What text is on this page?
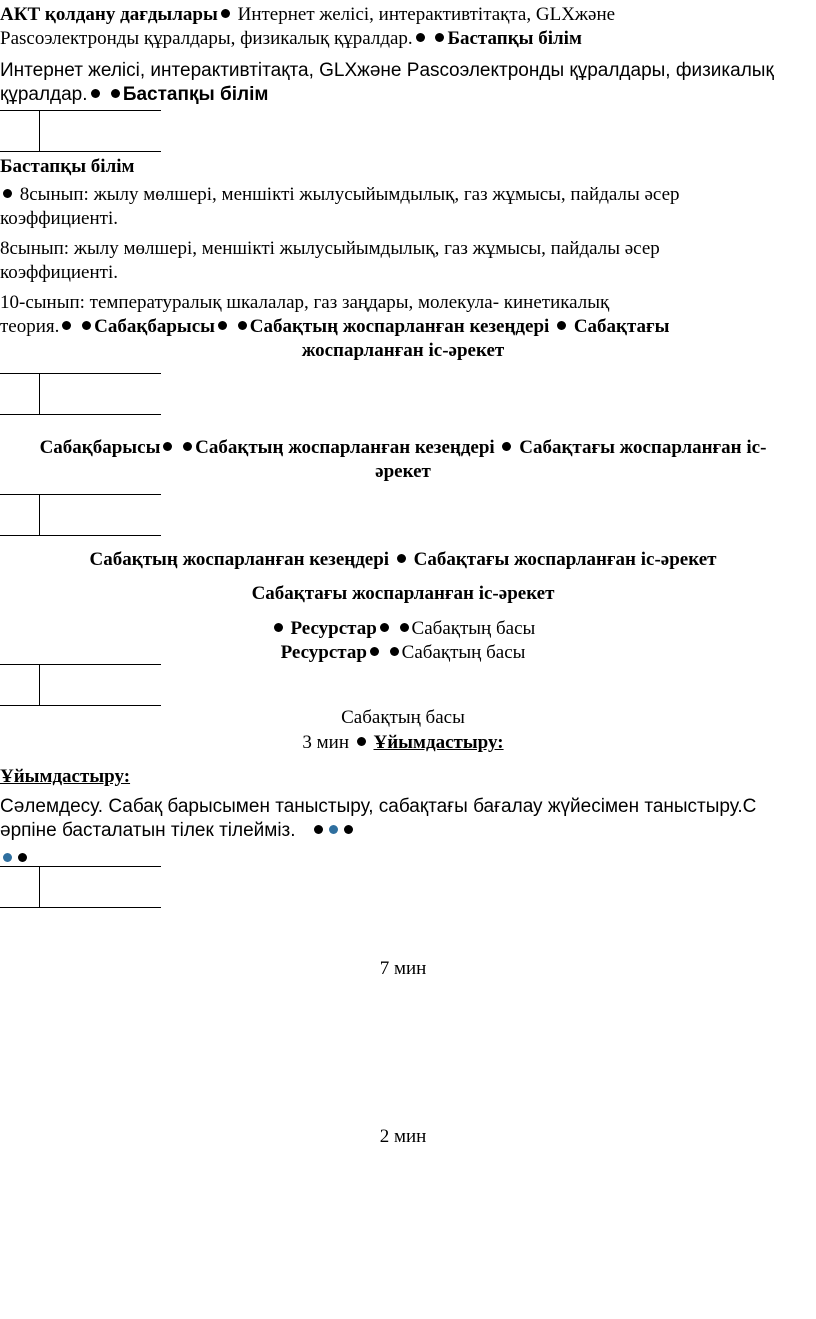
АКТ қолдану дағдылары Интернет желісі, интерактивтітақта, GLXжәне
Pascoэлектронды құралдары, физикалық құралдар. Бастапқы білім
Интернет желісі, интерактивтітақта, GLXжәне Pascoэлектронды құралдары, физикалық
құралдар. Бастапқы білім
Бастапқы білім
8сынып: жылу мөлшері, меншікті жылусыйымдылық, газ жұмысы, пайдалы әсер
коэффициенті.
8сынып: жылу мөлшері, меншікті жылусыйымдылық, газ жұмысы, пайдалы әсер
коэффициенті.
10-сынып: температуралық шкалалар, газ заңдары, молекула- кинетикалық
теория. Сабақбарысы Сабақтың жоспарланған кезеңдері Сабақтағы
жоспарланған іс-әрекет
Сабақбарысы Сабақтың жоспарланған кезеңдері Сабақтағы жоспарланған іс-
әрекет
Сабақтың жоспарланған кезеңдері Сабақтағы жоспарланған іс-әрекет
Сабақтағы жоспарланған іс-әрекет
Ресурстар Сабақтың басы
Ресурстар Сабақтың басы
Сабақтың басы
3 мин Ұйымдастыру:
Ұйымдастыру:
Сәлемдесу. Сабақ барысымен таныстыру, сабақтағы бағалау жүйесімен таныстыру.С
әрпіне басталатын тілек тілейміз.
7 мин
2 мин
